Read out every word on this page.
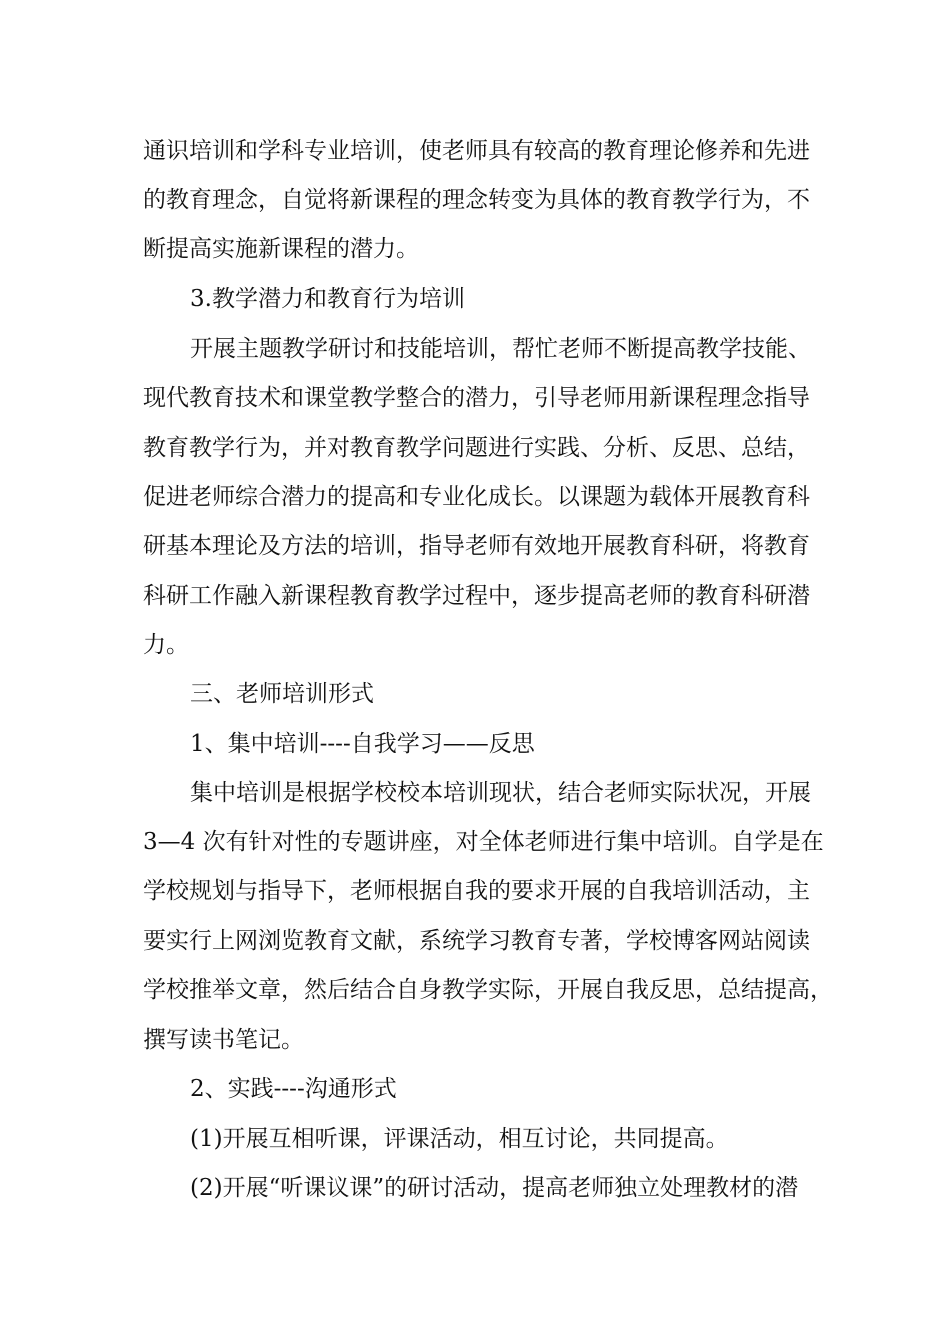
通识培训和学科专业培训，使老师具有较高的教育理论修养和先进
的教育理念，自觉将新课程的理念转变为具体的教育教学行为，不
断提高实施新课程的潜力。
3.教学潜力和教育行为培训
开展主题教学研讨和技能培训，帮忙老师不断提高教学技能、
现代教育技术和课堂教学整合的潜力，引导老师用新课程理念指导
教育教学行为，并对教育教学问题进行实践、分析、反思、总结，
促进老师综合潜力的提高和专业化成长。以课题为载体开展教育科
研基本理论及方法的培训，指导老师有效地开展教育科研，将教育
科研工作融入新课程教育教学过程中，逐步提高老师的教育科研潜
力。
三、老师培训形式
1、集中培训----自我学习——反思
集中培训是根据学校校本培训现状，结合老师实际状况，开展
3—4 次有针对性的专题讲座，对全体老师进行集中培训。自学是在
学校规划与指导下，老师根据自我的要求开展的自我培训活动，主
要实行上网浏览教育文献，系统学习教育专著，学校博客网站阅读
学校推举文章，然后结合自身教学实际，开展自我反思，总结提高，
撰写读书笔记。
2、实践----沟通形式
(1)开展互相听课，评课活动，相互讨论，共同提高。
(2)开展“听课议课”的研讨活动，提高老师独立处理教材的潜
